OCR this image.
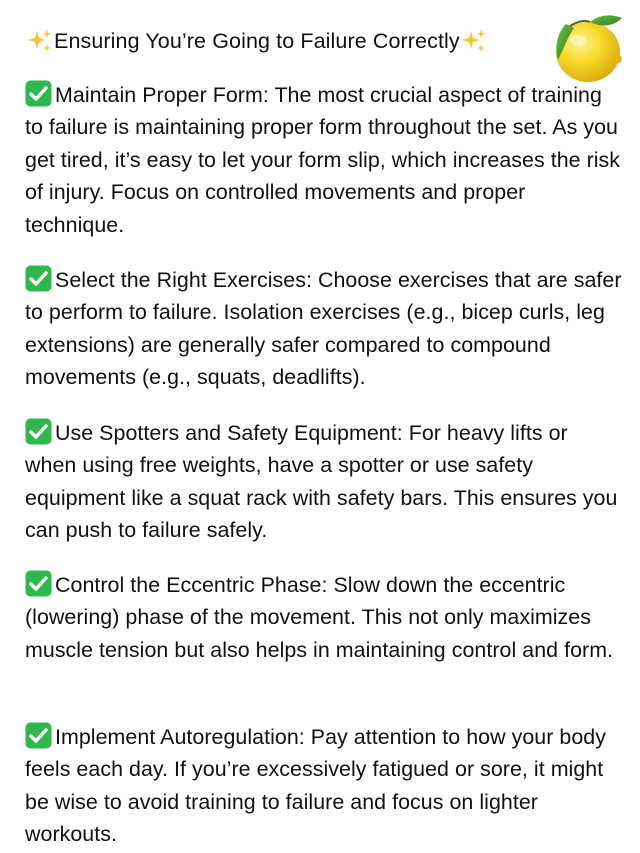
Ensuring You’re Going to Failure Correctly
Maintain Proper Form: The most crucial aspect of training to failure is maintaining proper form throughout the set. As you get tired, it’s easy to let your form slip, which increases the risk of injury. Focus on controlled movements and proper technique.
Select the Right Exercises: Choose exercises that are safer to perform to failure. Isolation exercises (e.g., bicep curls, leg extensions) are generally safer compared to compound movements (e.g., squats, deadlifts).
Use Spotters and Safety Equipment: For heavy lifts or when using free weights, have a spotter or use safety equipment like a squat rack with safety bars. This ensures you can push to failure safely.
Control the Eccentric Phase: Slow down the eccentric (lowering) phase of the movement. This not only maximizes muscle tension but also helps in maintaining control and form.
Implement Autoregulation: Pay attention to how your body feels each day. If you’re excessively fatigued or sore, it might be wise to avoid training to failure and focus on lighter workouts.
